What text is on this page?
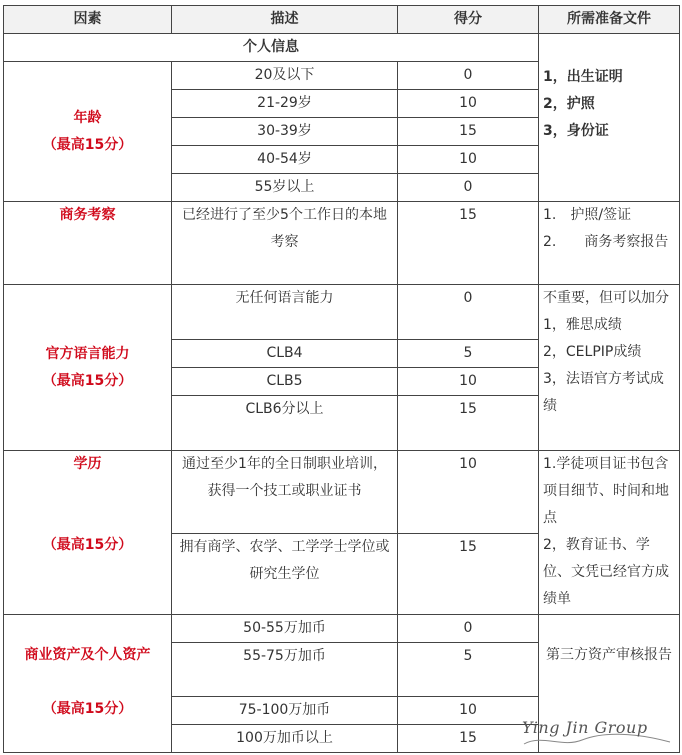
因素	描述	得分	所需准备文件
个人信息			1，出生证明
2，护照
3，身份证

年龄
（最高15分）	20及以下	0	
	21-29岁	10	
	30-39岁	15	
	40-54岁	10	
	55岁以上	0	
商务考察	已经进行了至少5个工作日的本地考察	15	1.　护照/签证
2.　　商务考察报告

官方语言能力
（最高15分）	无任何语言能力	0	不重要，但可以加分
1，雅思成绩
2，CELPIP成绩
3，法语官方考试成绩

	CLB4	5	
	CLB5	10	
	CLB6分以上	15	

学历
（最高15分）	通过至少1年的全日制职业培训，获得一个技工或职业证书	10	1.学徒项目证书包含项目细节、时间和地点
2，教育证书、学位、文凭已经官方成绩单

	拥有商学、农学、工学学士学位或研究生学位	15	

商业资产及个人资产
（最高15分）	50-55万加币	0	第三方资产审核报告
	55-75万加币	5	
	75-100万加币	10	
	100万加币以上	15	
Ying Jin Group
